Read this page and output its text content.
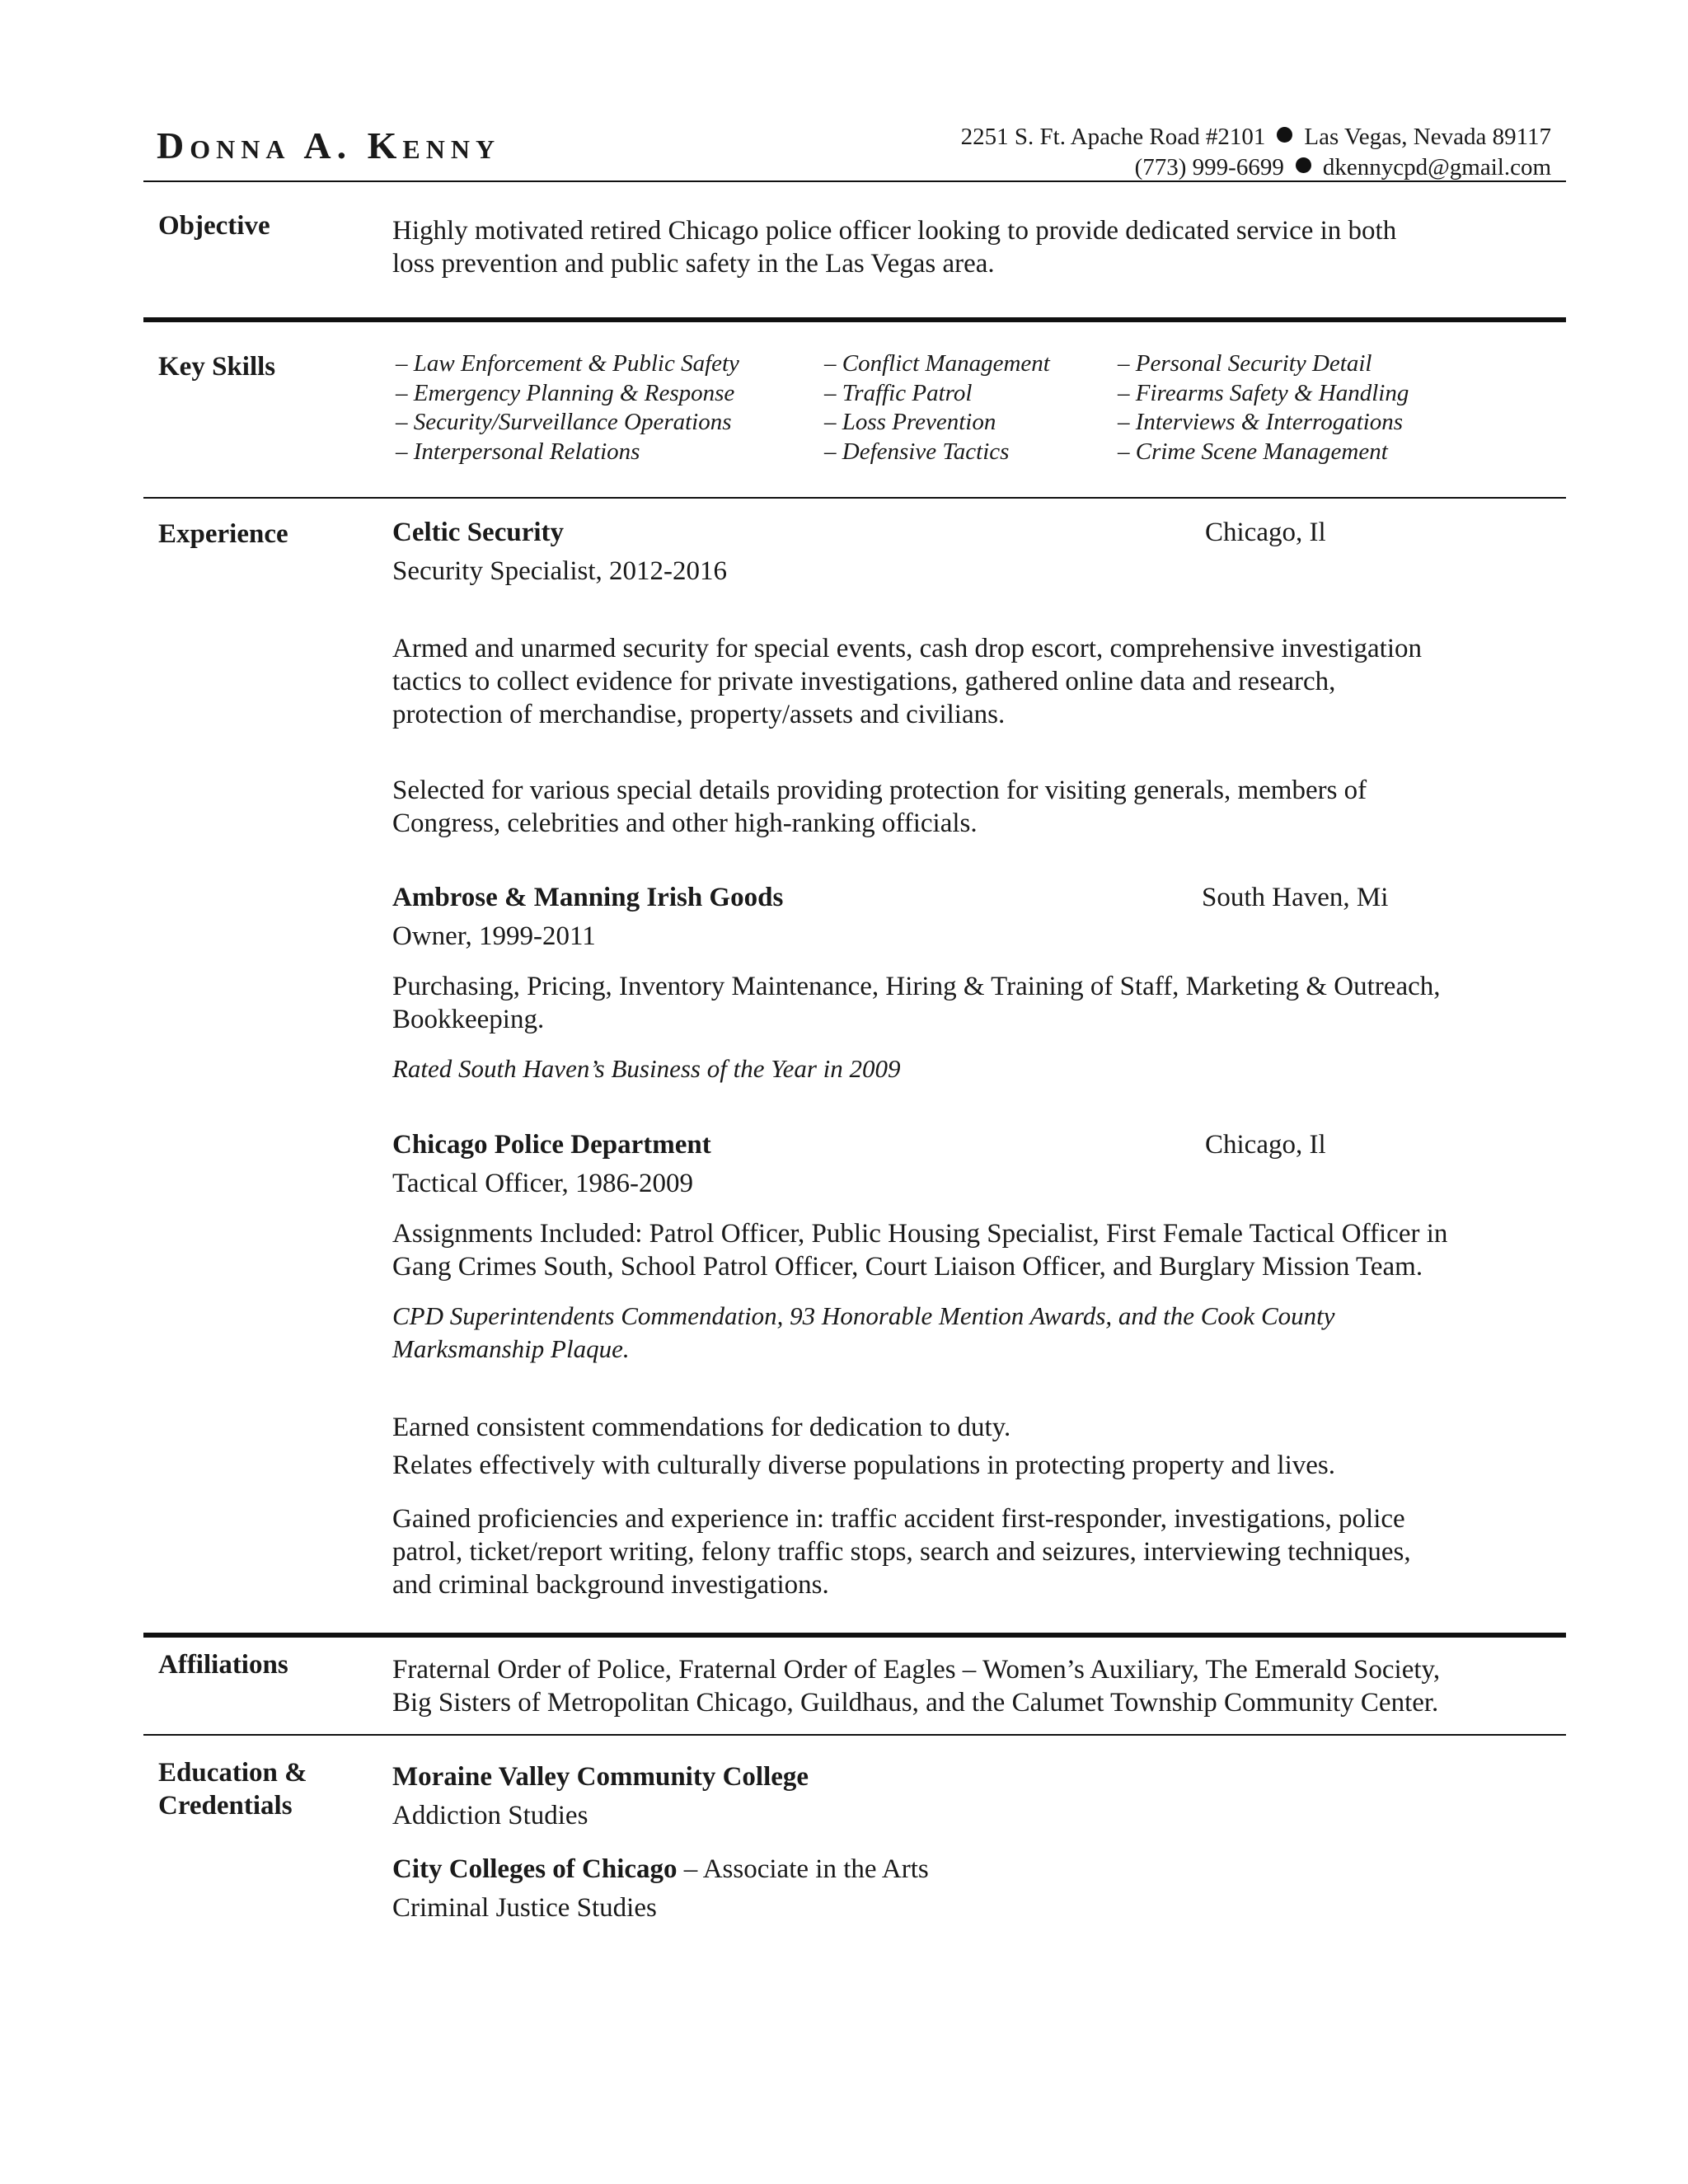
Donna A. Kenny	2251 S. Ft. Apache Road #2101 Las Vegas, Nevada 89117
(773) 999-6699 dkennycpd@gmail.com
Objective	Highly motivated retired Chicago police officer looking to provide dedicated service in both
loss prevention and public safety in the Las Vegas area.
Key Skills
–	Law Enforcement & Public Safety
– Emergency Planning & Response
– Security/Surveillance Operations
– Interpersonal Relations
– Conflict Management
– Traffic Patrol
– Loss Prevention
– Defensive Tactics
– Personal Security Detail
– Firearms Safety & Handling
– Interviews & Interrogations
– Crime Scene Management
Experience	Celtic Security	Chicago, Il
Security Specialist, 2012-2016
Armed and unarmed security for special events, cash drop escort, comprehensive investigation
tactics to collect evidence for private investigations, gathered online data and research,
protection of merchandise, property/assets and civilians.
Selected for various special details providing protection for visiting generals, members of
Congress, celebrities and other high-ranking officials.
Ambrose & Manning Irish Goods	South Haven, Mi
Owner, 1999-2011
Purchasing, Pricing, Inventory Maintenance, Hiring & Training of Staff, Marketing & Outreach,
Bookkeeping.
Rated South Haven’s Business of the Year in 2009
Chicago Police Department	Chicago, Il
Tactical Officer, 1986-2009
Assignments Included: Patrol Officer, Public Housing Specialist, First Female Tactical Officer in
Gang Crimes South, School Patrol Officer, Court Liaison Officer, and Burglary Mission Team.
CPD Superintendents Commendation, 93 Honorable Mention Awards, and the Cook County
Marksmanship Plaque.
Earned consistent commendations for dedication to duty.
Relates effectively with culturally diverse populations in protecting property and lives.
Gained proficiencies and experience in: traffic accident first-responder, investigations, police
patrol, ticket/report writing, felony traffic stops, search and seizures, interviewing techniques,
and criminal background investigations.
Affiliations	Fraternal Order of Police, Fraternal Order of Eagles – Women’s Auxiliary, The Emerald Society,
Big Sisters of Metropolitan Chicago, Guildhaus, and the Calumet Township Community Center.
Education &
Credentials
Moraine Valley Community College
Addiction Studies
City Colleges of Chicago – Associate in the Arts
Criminal Justice Studies
